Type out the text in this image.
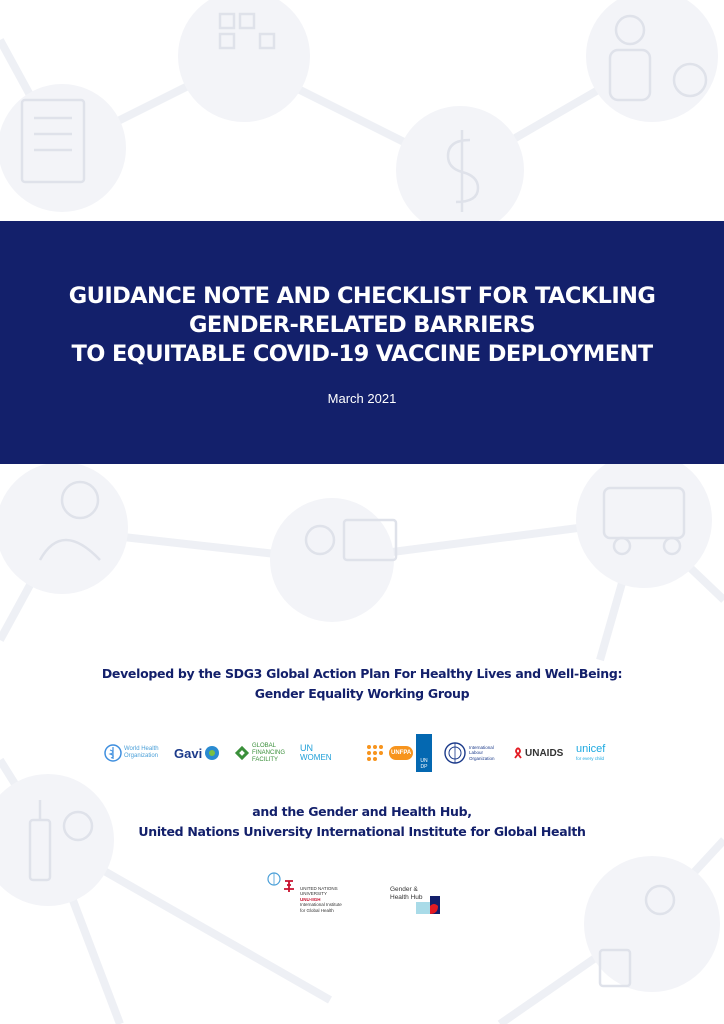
GUIDANCE NOTE AND CHECKLIST FOR TACKLING
GENDER-RELATED BARRIERS
TO EQUITABLE COVID-19 VACCINE DEPLOYMENT
March 2021
Developed by the SDG3 Global Action Plan For Healthy Lives and Well-Being:
Gender Equality Working Group
World Health Organization	Gavi	GLOBAL FINANCING FACILITY
UN
WOMEN	UNFPA
UNDP
International Labour Organization	UNAIDS unicef
for every child
and the Gender and Health Hub,
United Nations University International Institute for Global Health
UNITED NATIONS
UNIVERSITY
UNU-IIGH
International Institute
for Global Health
Gender &
Health Hub
